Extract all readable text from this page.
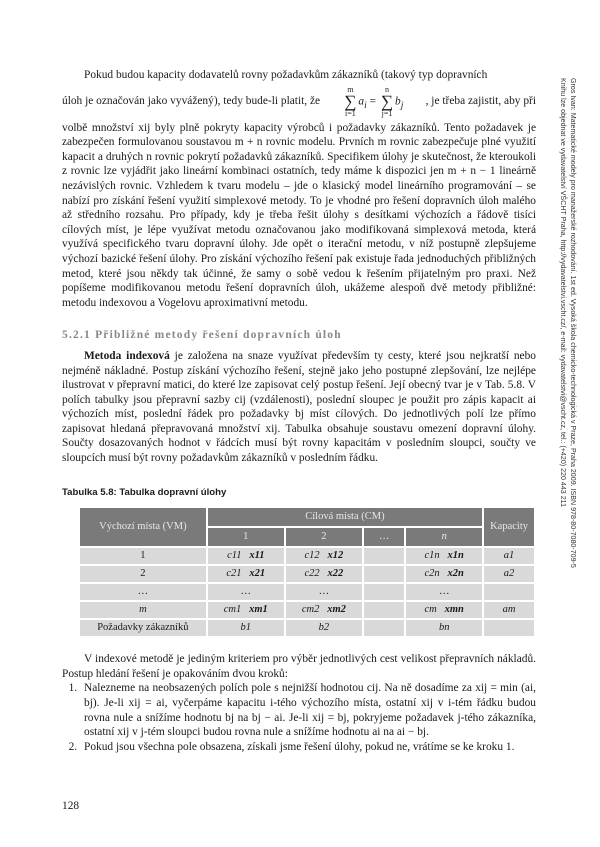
Pokud budou kapacity dodavatelů rovny požadavkům zákazníků (takový typ dopravních

úloh je označován jako vyvážený), tedy bude-li platit, že
m
∑
i=1
$a_i$ =
n
∑
j=1
$b_j$ , je třeba zajistit, aby při

volbě množství xij byly plně pokryty kapacity výrobců i požadavky zákazníků. Tento požadavek je zabezpečen formulovanou soustavou m + n rovnic modelu. Prvních m rovnic zabezpečuje plné využití kapacit a druhých n rovnic pokrytí požadavků zákazníků. Specifikem úlohy je skutečnost, že kteroukoli z rovnic lze vyjádřit jako lineární kombinaci ostatních, tedy máme k dispozici jen m + n − 1 lineárně nezávislých rovnic. Vzhledem k tvaru modelu – jde o klasický model lineárního programování – se nabízí pro získání řešení využití simplexové metody. To je vhodné pro řešení dopravních úloh malého až středního rozsahu. Pro případy, kdy je třeba řešit úlohy s desítkami výchozích a řádově tisíci cílových míst, je lépe využívat metodu označovanou jako modifikovaná simplexová metoda, která využívá specifického tvaru dopravní úlohy. Jde opět o iterační metodu, v níž postupně zlepšujeme výchozí bazické řešení úlohy. Pro získání výchozího řešení pak existuje řada jednoduchých přibližných metod, které jsou někdy tak účinné, že samy o sobě vedou k řešením přijatelným pro praxi. Než popíšeme modifikovanou metodu řešení dopravních úloh, ukážeme alespoň dvě metody přibližné: metodu indexovou a Vogelovu aproximativní metodu.

5.2.1 Přibližné metody řešení dopravních úloh

Metoda indexová je založena na snaze využívat především ty cesty, které jsou nejkratší nebo nejméně nákladné. Postup získání výchozího řešení, stejně jako jeho postupné zlepšování, lze nejlépe ilustrovat v přepravní matici, do které lze zapisovat celý postup řešení. Její obecný tvar je v Tab. 5.8. V polích tabulky jsou přepravní sazby cij (vzdálenosti), poslední sloupec je použit pro zápis kapacit ai výchozích míst, poslední řádek pro požadavky bj míst cílových. Do jednotlivých polí lze přímo zapisovat hledaná přepravovaná množství xij. Tabulka obsahuje soustavu omezení dopravní úlohy. Součty dosazovaných hodnot v řádcích musí být rovny kapacitám v posledním sloupci, součty ve sloupcích musí být rovny požadavkům zákazníků v posledním řádku.

Tabulka 5.8: Tabulka dopravní úlohy
Výchozí místa (VM)	Cílová místa (CM)				Kapacity
	1	2	…	n	
1	c11 x11	c12 x12		c1n x1n	a1
2	c21 x21	c22 x22		c2n x2n	a2
…	…	…		…	
m	cm1 xm1	cm2 xm2		cm xmn	am
Požadavky zákazníků	b1	b2		bn	

V indexové metodě je jediným kriteriem pro výběr jednotlivých cest velikost přepravních nákladů. Postup hledání řešení je opakováním dvou kroků:

1. Nalezneme na neobsazených polích pole s nejnižší hodnotou cij. Na ně dosadíme za xij = min (ai, bj). Je-li xij = ai, vyčerpáme kapacitu i-tého výchozího místa, ostatní xij v i-tém řádku budou rovna nule a snížíme hodnotu bj na bj − ai. Je-li xij = bj, pokryjeme požadavek j-tého zákazníka, ostatní xij v j-tém sloupci budou rovna nule a snížíme hodnotu ai na ai − bj.
2. Pokud jsou všechna pole obsazena, získali jsme řešení úlohy, pokud ne, vrátíme se ke kroku 1.
128
Gros Ivan: Matematické modely pro manažerské rozhodování. 1st ed. Vysoká škola chemicko-technologická v Praze, Praha 2009. ISBN 978-80-7080-709-5
Knihu lze objednat ve vydavatelství VŠCHT Praha, http://vydavatelstvi.vscht.cz/, e-mail: vydavatelstvi@vscht.cz, tel.: (+420) 220 443 211
